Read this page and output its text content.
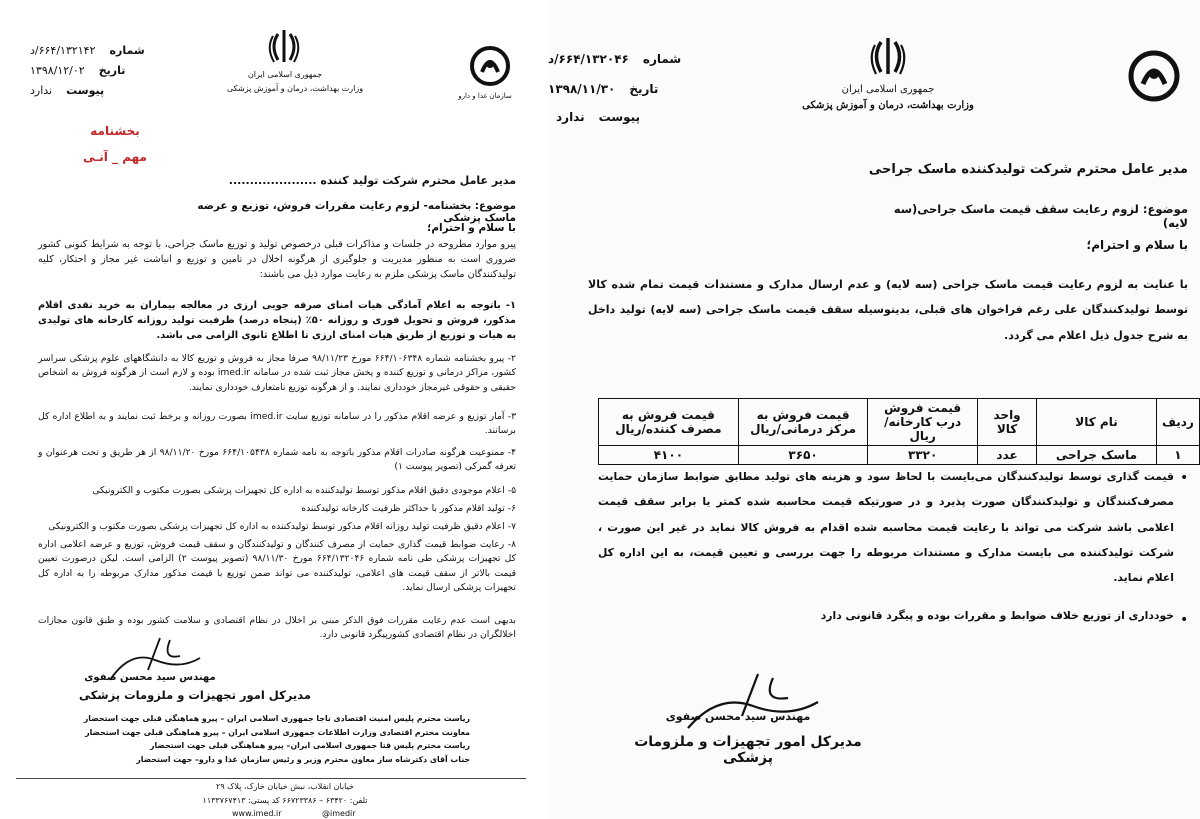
شماره
۶۶۴/۱۳۲۱۴۲/د
تاریخ
۱۳۹۸/۱۲/۰۲
پیوست
ندارد	سازمان غذا و دارو
جمهوری اسلامی ایران
وزارت بهداشت، درمان و آموزش پزشکی
بخشنامه
مهم _ آنـی
مدیر عامل محترم شرکت تولید کننده .....................
موضوع: بخشنامه- لزوم رعایت مقررات فروش، توزیع و عرضه ماسک پزشکی
با سلام و احترام؛
پیرو موارد مطروحه در جلسات و مذاکرات قبلی درخصوص تولید و توزیع ماسک جراحی، با توجه به شرایط کنونی کشور ضروری است به منظور مدیریت و جلوگیری از هرگونه اخلال در تامین و توزیع و انباشت غیر مجاز و احتکار، کلیه تولیدکنندگان ماسک پزشکی ملزم به رعایت موارد ذیل می باشند:
۱- باتوجه به اعلام آمادگی هیات امنای صرفه جویی ارزی در معالجه بیماران به خرید نقدی اقلام مذکور، فروش و تحویل فوری و روزانه ۵۰٪ (پنجاه درصد) ظرفیت تولید روزانه کارخانه های تولیدی به هیات و توزیع از طریق هیات امنای ارزی تا اطلاع ثانوی الزامی می باشد.
۲- پیرو بخشنامه شماره ۶۶۴/۱۰۶۳۴۸ مورخ ۹۸/۱۱/۲۳ صرفا مجاز به فروش و توزیع کالا به دانشگاههای علوم پزشکی سراسر کشور، مراکز درمانی و توزیع کننده و پخش مجاز ثبت شده در سامانه imed.ir بوده و لازم است از هرگونه فروش به اشخاص حقیقی و حقوقی غیرمجاز خودداری نمایند. و از هرگونه توزیع نامتعارف خودداری نمایند.
۳- آمار توزیع و عرضه اقلام مذکور را در سامانه توزیع سایت imed.ir بصورت روزانه و برخط ثبت نمایند و به اطلاع اداره کل برسانند.
۴- ممنوعیت هرگونه صادرات اقلام مذکور باتوجه به نامه شماره ۶۶۴/۱۰۵۴۳۸ مورخ ۹۸/۱۱/۲۰ از هر طریق و تحت هرعنوان و تعرفه گمرکی (تصویر پیوست ۱)
۵- اعلام موجودی دقیق اقلام مذکور توسط تولیدکننده به اداره کل تجهیزات پزشکی بصورت مکتوب و الکترونیکی
۶- تولید اقلام مذکور با حداکثر ظرفیت کارخانه تولیدکننده
۷- اعلام دقیق ظرفیت تولید روزانه اقلام مذکور توسط تولیدکننده به اداره کل تجهیزات پزشکی بصورت مکتوب و الکترونیکی
۸- رعایت ضوابط قیمت گذاری حمایت از مصرف کنندگان و تولیدکنندگان و سقف قیمت فروش، توزیع و عرضه اعلامی اداره کل تجهیزات پزشکی طی نامه شماره ۶۶۴/۱۳۲۰۴۶ مورخ ۹۸/۱۱/۳۰ (تصویر پیوست ۲) الزامی است. لیکن درصورت تعیین قیمت بالاتر از سقف قیمت های اعلامی، تولیدکننده می تواند ضمن توزیع با قیمت مذکور مدارک مربوطه را به اداره کل تجهیزات پزشکی ارسال نماید.
بدیهی است عدم رعایت مقررات فوق الذکر مبنی بر اخلال در نظام اقتصادی و سلامت کشور بوده و طبق قانون مجازات اخلالگران در نظام اقتصادی کشورپیگرد قانونی دارد.
مهندس سید محسن صفوی
مدیرکل امور تجهیزات و ملزومات پزشکی
ریاست محترم پلیس امنیت اقتصادی ناجا جمهوری اسلامی ایران – پیرو هماهنگی قبلی جهت استحضار
معاونت محترم اقتصادی وزارت اطلاعات جمهوری اسلامی ایران – پیرو هماهنگی قبلی جهت استحضار
ریاست محترم پلیس فتا جمهوری اسلامی ایران– پیرو هماهنگی قبلی جهت استحضار
جناب آقای دکترشاه ساز معاون محترم وزیر و رئیس سازمان غذا و دارو– جهت استحضار
خیابان انقلاب، نبش خیابان خارک، پلاک ۲۹
تلفن: ۶۳۴۲۰ – ۶۶۷۲۳۳۸۶ کد پستی: ۱۱۳۳۷۶۷۴۱۳
www.imed.ir	@imedir
شماره
۶۶۴/۱۳۲۰۴۶/د
تاریخ
۱۳۹۸/۱۱/۳۰
پیوست
ندارد
جمهوری اسلامی ایران
وزارت بهداشت، درمان و آموزش پزشکی
مدیر عامل محترم شرکت تولیدکننده ماسک جراحی
موضوع: لزوم رعایت سقف قیمت ماسک جراحی(سه لایه)
با سلام و احترام؛
با عنایت به لزوم رعایت قیمت ماسک جراحی (سه لایه) و عدم ارسال مدارک و مستندات قیمت تمام شده کالا توسط تولیدکنندگان علی رغم فراخوان های قبلی، بدینوسیله سقف قیمت ماسک جراحی (سه لایه) تولید داخل به شرح جدول ذیل اعلام می گردد.
ردیف	نام کالا	واحد کالا	قیمت فروش درب کارخانه/ریال	قیمت فروش به مرکز درمانی/ریال	قیمت فروش به مصرف کننده/ریال
۱	ماسک جراحی	عدد	۳۳۲۰	۳۶۵۰	۴۱۰۰
•
قیمت گذاری توسط تولیدکنندگان می‌بایست با لحاظ سود و هزینه های تولید مطابق ضوابط سازمان حمایت مصرف‌کنندگان و تولیدکنندگان صورت پذیرد و در صورتیکه قیمت محاسبه شده کمتر یا برابر سقف قیمت اعلامی باشد شرکت می تواند با رعایت قیمت محاسبه شده اقدام به فروش کالا نماید در غیر این صورت ، شرکت تولیدکننده می بایست مدارک و مستندات مربوطه را جهت بررسی و تعیین قیمت، به این اداره کل اعلام نماید.
•
خودداری از توزیع خلاف ضوابط و مقررات بوده و پیگرد قانونی دارد
مهندس سید محسن صفوی
مدیرکل امور تجهیزات و ملزومات پزشکی
